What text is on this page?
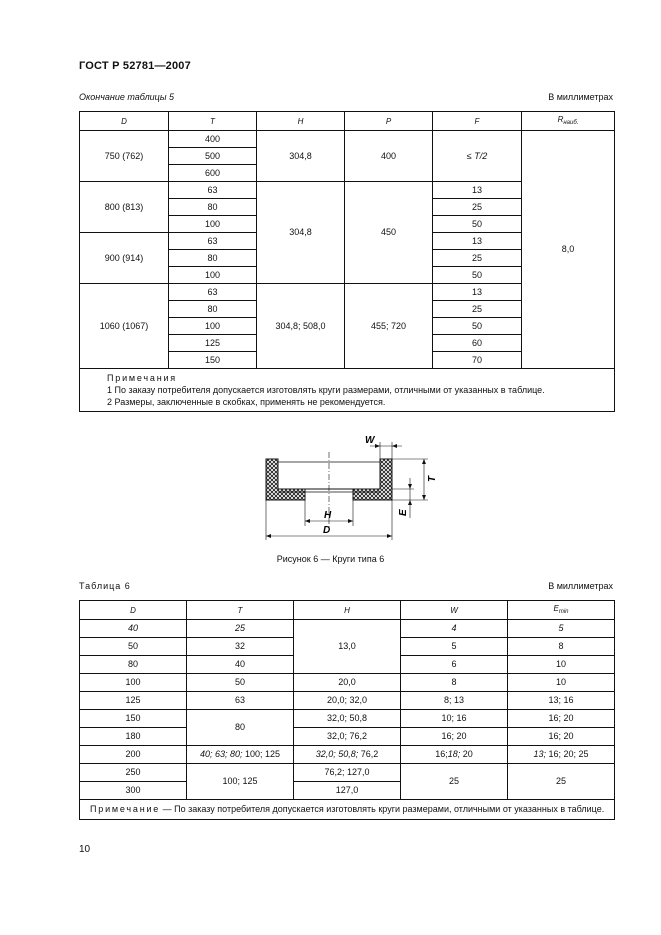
ГОСТ Р 52781—2007
Окончание таблицы 5	В миллиметрах
D	T	H	P	F	$R_{наиб.}$
750 (762)	400	304,8	400	≤ T/2	8,0
	500				
	600				
800 (813)	63	304,8	450	13	
	80			25	
	100			50	
900 (914)	63			13	
	80			25	
	100			50	
1060 (1067)	63	304,8; 508,0	455; 720	13	
	80			25	
	100			50	
	125			60	
	150			70	

Примечания
1 По заказу потребителя допускается изготовлять круги размерами, отличными от указанных в таблице.
2 Размеры, заключенные в скобках, применять не рекомендуется.					
W
T
E
H
D
Рисунок 6 — Круги типа 6
Таблица 6	В миллиметрах
D	T	H	W	$E_{min}$
40	25	13,0	4	5
50	32		5	8
80	40		6	10
100	50	20,0	8	10
125	63	20,0; 32,0	8; 13	13; 16
150	80	32,0; 50,8	10; 16	16; 20
180		32,0; 76,2	16; 20	16; 20
200	40; 63; 80; 100; 125	32,0; 50,8; 76,2	16;18; 20	13; 16; 20; 25
250	100; 125	76,2; 127,0	25	25
300		127,0		
Примечание — По заказу потребителя допускается изготовлять круги размерами, отличными от указанных в таблице.				
10
